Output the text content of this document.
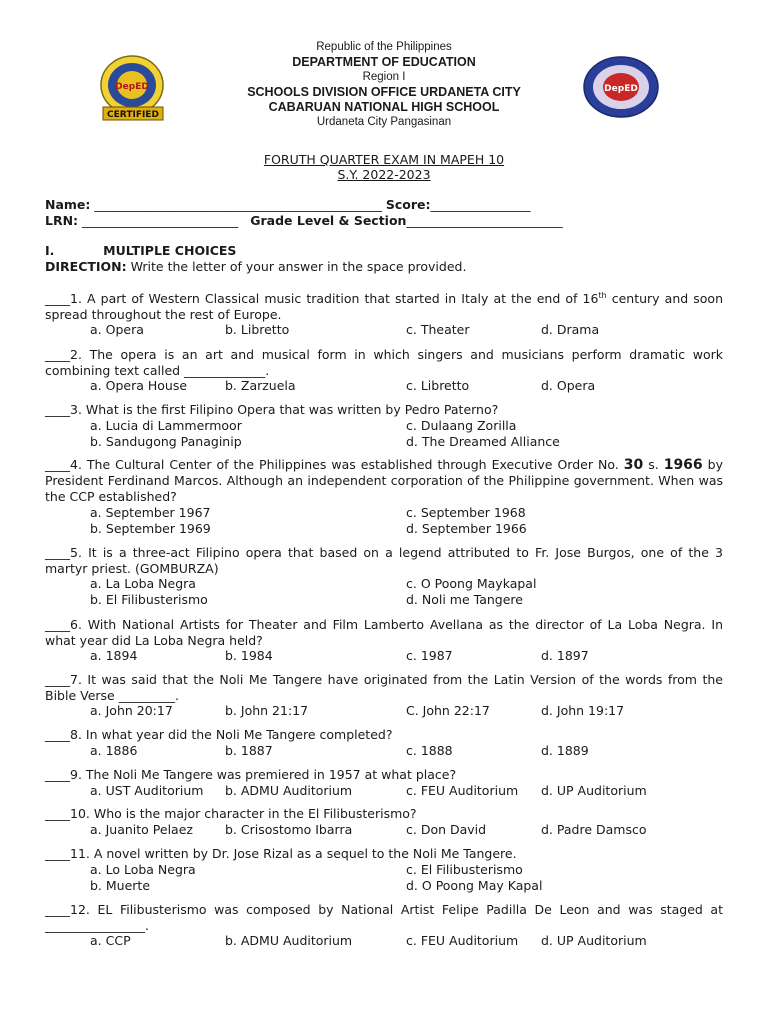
DepED
CERTIFIED
DepED
Republic of the Philippines
DEPARTMENT OF EDUCATION
Region I
SCHOOLS DIVISION OFFICE URDANETA CITY
CABARUAN NATIONAL HIGH SCHOOL
Urdaneta City Pangasinan
FORUTH QUARTER EXAM IN MAPEH 10
S.Y. 2022-2023
Name: ______________________________________________ Score:________________
LRN: _________________________ Grade Level & Section_________________________
I.	MULTIPLE CHOICES
DIRECTION: Write the letter of your answer in the space provided.
____1. A part of Western Classical music tradition that started in Italy at the end of 16th century and soon spread throughout the rest of Europe.
a. Opera	b. Libretto	c. Theater	d. Drama
____2. The opera is an art and musical form in which singers and musicians perform dramatic work combining text called _____________.
a. Opera House	b. Zarzuela	c. Libretto	d. Opera
____3. What is the first Filipino Opera that was written by Pedro Paterno?
a. Lucia di Lammermoor	c. Dulaang Zorilla
b. Sandugong Panaginip	d. The Dreamed Alliance
____4. The Cultural Center of the Philippines was established through Executive Order No. 30 s. 1966 by President Ferdinand Marcos. Although an independent corporation of the Philippine government. When was the CCP established?
a. September 1967	c. September 1968
b. September 1969	d. September 1966
____5. It is a three-act Filipino opera that based on a legend attributed to Fr. Jose Burgos, one of the 3 martyr priest. (GOMBURZA)
a. La Loba Negra	c. O Poong Maykapal
b. El Filibusterismo	d. Noli me Tangere
____6. With National Artists for Theater and Film Lamberto Avellana as the director of La Loba Negra. In what year did La Loba Negra held?
a. 1894	b. 1984	c. 1987	d. 1897
____7. It was said that the Noli Me Tangere have originated from the Latin Version of the words from the Bible Verse _________.
a. John 20:17	b. John 21:17	C. John 22:17	d. John 19:17
____8. In what year did the Noli Me Tangere completed?
a. 1886	b. 1887	c. 1888	d. 1889
____9. The Noli Me Tangere was premiered in 1957 at what place?
a. UST Auditorium b. ADMU Auditorium	c. FEU Auditorium d. UP Auditorium
____10. Who is the major character in the El Filibusterismo?
a. Juanito Pelaez	b. Crisostomo Ibarra	c. Don David	d. Padre Damsco
____11. A novel written by Dr. Jose Rizal as a sequel to the Noli Me Tangere.
a. Lo Loba Negra	c. El Filibusterismo
b. Muerte	d. O Poong May Kapal
____12. EL Filibusterismo was composed by National Artist Felipe Padilla De Leon and was staged at ________________.
a. CCP	b. ADMU Auditorium	c. FEU Auditorium d. UP Auditorium
